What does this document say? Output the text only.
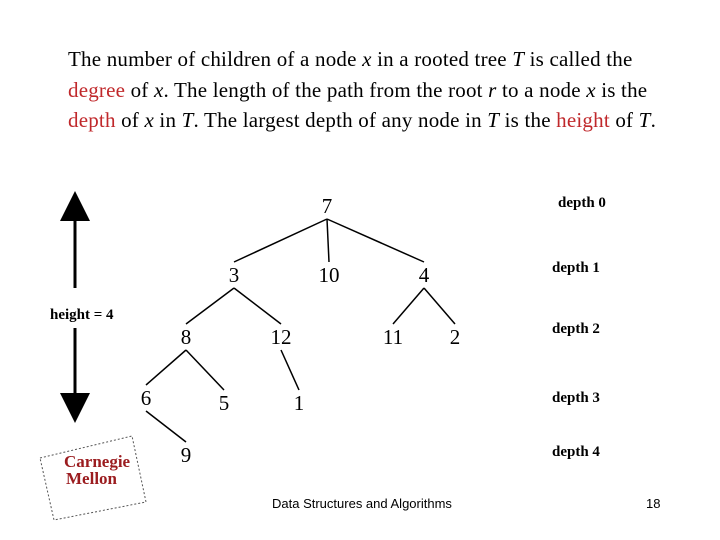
The number of children of a node x in a rooted tree T is called the degree of x. The length of the path from the root r to a node x is the depth of x in T. The largest depth of any node in T is the height of T.
7
3	10	4
8	12	11 2
6	5	1
9
height = 4
depth 0
depth 1
depth 2
depth 3
depth 4
Carnegie
Mellon
Data Structures and Algorithms	18
